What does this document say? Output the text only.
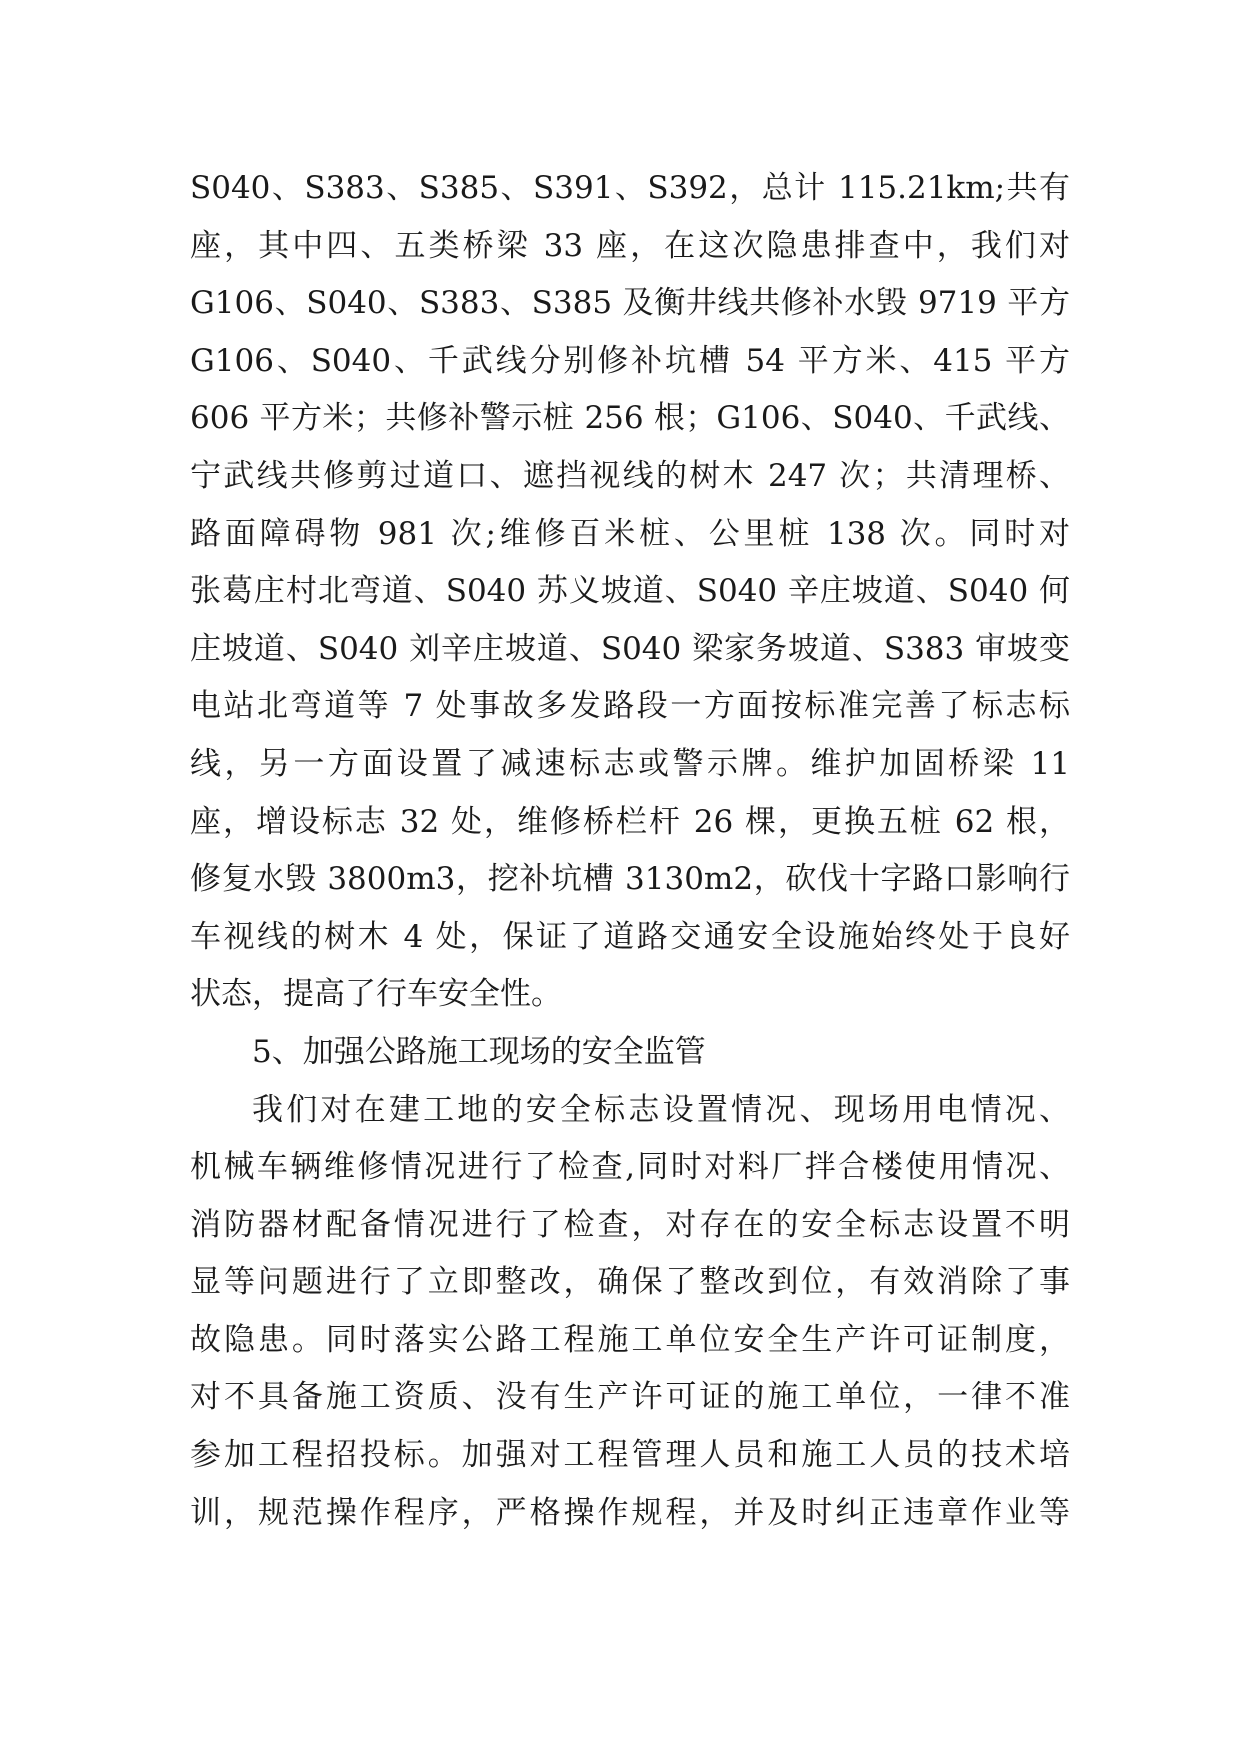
S040、S383、S385、S391、S392，总计 115.21km;共有
座，其中四、五类桥梁 33 座，在这次隐患排查中，我们对
G106、S040、S383、S385 及衡井线共修补水毁 9719 平方
G106、S040、千武线分别修补坑槽 54 平方米、415 平方
606 平方米；共修补警示桩 256 根；G106、S040、千武线、
宁武线共修剪过道口、遮挡视线的树木 247 次；共清理桥、
路面障碍物 981 次;维修百米桩、公里桩 138 次。同时对
张葛庄村北弯道、S040 苏义坡道、S040 辛庄坡道、S040 何
庄坡道、S040 刘辛庄坡道、S040 梁家务坡道、S383 审坡变
电站北弯道等 7 处事故多发路段一方面按标准完善了标志标
线，另一方面设置了减速标志或警示牌。维护加固桥梁 11
座，增设标志 32 处，维修桥栏杆 26 棵，更换五桩 62 根，
修复水毁 3800m3，挖补坑槽 3130m2，砍伐十字路口影响行
车视线的树木 4 处，保证了道路交通安全设施始终处于良好
状态，提高了行车安全性。
5、加强公路施工现场的安全监管
我们对在建工地的安全标志设置情况、现场用电情况、
机械车辆维修情况进行了检查,同时对料厂拌合楼使用情况、
消防器材配备情况进行了检查，对存在的安全标志设置不明
显等问题进行了立即整改，确保了整改到位，有效消除了事
故隐患。同时落实公路工程施工单位安全生产许可证制度，
对不具备施工资质、没有生产许可证的施工单位，一律不准
参加工程招投标。加强对工程管理人员和施工人员的技术培
训，规范操作程序，严格操作规程，并及时纠正违章作业等
